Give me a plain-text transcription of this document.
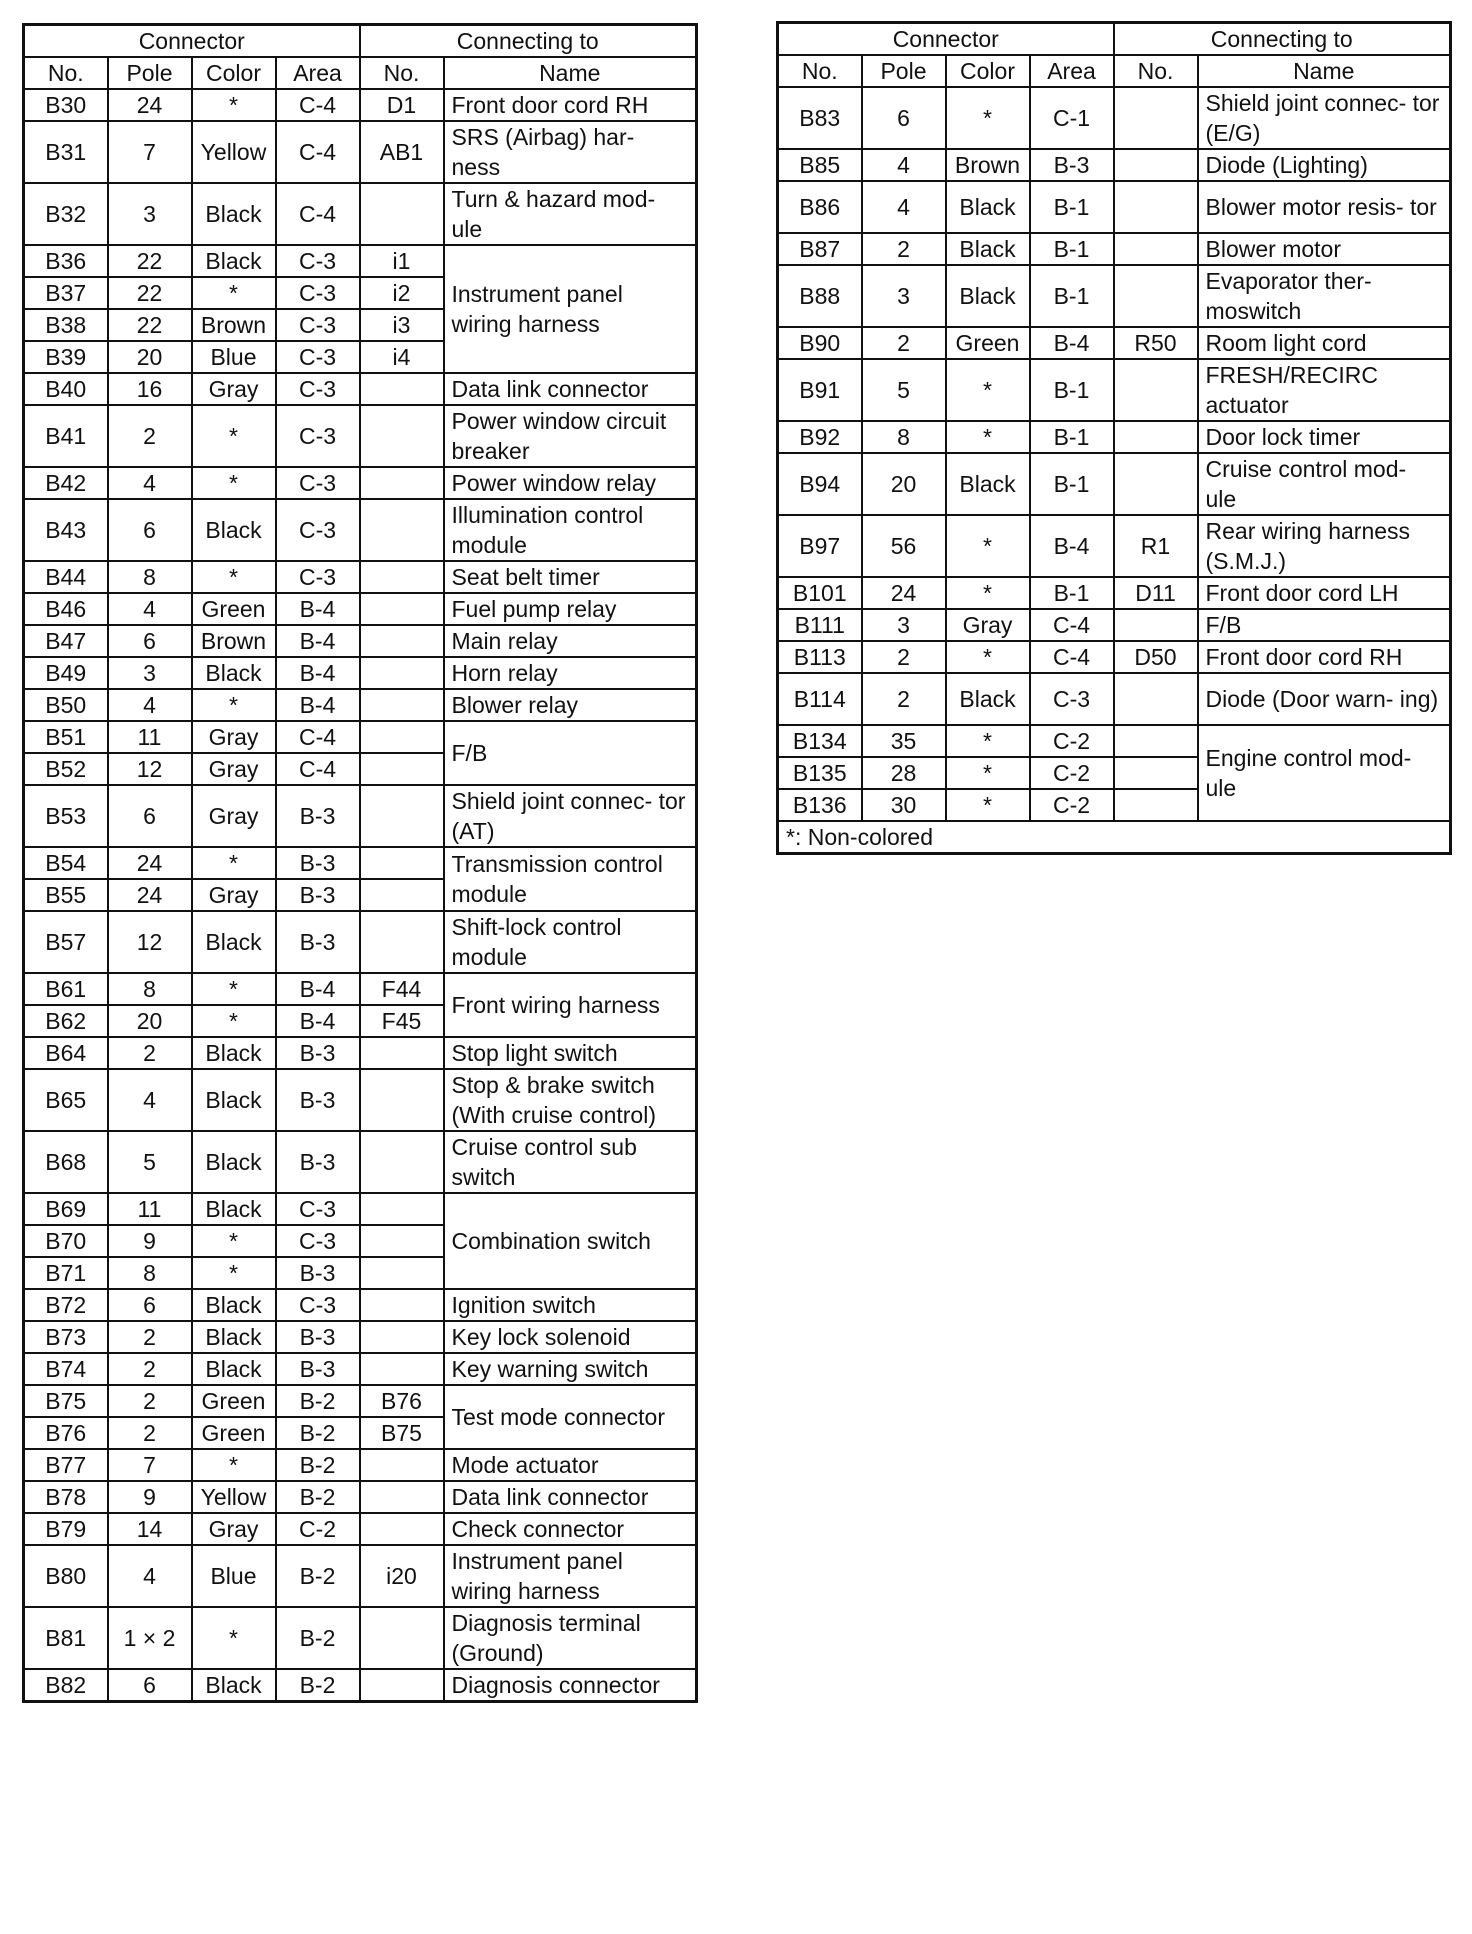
Connector				Connecting to	
No.	Pole	Color	Area	No.	Name
B30	24	*	C-4	D1	Front door cord RH
B31	7	Yellow	C-4	AB1	SRS (Airbag) har- ness
B32	3	Black	C-4		Turn & hazard mod- ule
B36	22	Black	C-3	i1	Instrument panel wiring harness
B37	22	*	C-3	i2	
B38	22	Brown	C-3	i3	
B39	20	Blue	C-3	i4	
B40	16	Gray	C-3		Data link connector
B41	2	*	C-3		Power window circuit breaker
B42	4	*	C-3		Power window relay
B43	6	Black	C-3		Illumination control module
B44	8	*	C-3		Seat belt timer
B46	4	Green	B-4		Fuel pump relay
B47	6	Brown	B-4		Main relay
B49	3	Black	B-4		Horn relay
B50	4	*	B-4		Blower relay
B51	11	Gray	C-4		F/B
B52	12	Gray	C-4		
B53	6	Gray	B-3		Shield joint connec- tor (AT)
B54	24	*	B-3		Transmission control module
B55	24	Gray	B-3		
B57	12	Black	B-3		Shift-lock control module
B61	8	*	B-4	F44	Front wiring harness
B62	20	*	B-4	F45	
B64	2	Black	B-3		Stop light switch
B65	4	Black	B-3		Stop & brake switch (With cruise control)
B68	5	Black	B-3		Cruise control sub switch
B69	11	Black	C-3		Combination switch
B70	9	*	C-3		
B71	8	*	B-3		
B72	6	Black	C-3		Ignition switch
B73	2	Black	B-3		Key lock solenoid
B74	2	Black	B-3		Key warning switch
B75	2	Green	B-2	B76	Test mode connector
B76	2	Green	B-2	B75	
B77	7	*	B-2		Mode actuator
B78	9	Yellow	B-2		Data link connector
B79	14	Gray	C-2		Check connector
B80	4	Blue	B-2	i20	Instrument panel wiring harness
B81	1 × 2	*	B-2		Diagnosis terminal (Ground)
B82	6	Black	B-2		Diagnosis connector
Connector				Connecting to	
No.	Pole	Color	Area	No.	Name
B83	6	*	C-1		Shield joint connec- tor (E/G)
B85	4	Brown	B-3		Diode (Lighting)
B86	4	Black	B-1		Blower motor resis- tor
B87	2	Black	B-1		Blower motor
B88	3	Black	B-1		Evaporator ther- moswitch
B90	2	Green	B-4	R50	Room light cord
B91	5	*	B-1		FRESH/RECIRC actuator
B92	8	*	B-1		Door lock timer
B94	20	Black	B-1		Cruise control mod- ule
B97	56	*	B-4	R1	Rear wiring harness (S.M.J.)
B101	24	*	B-1	D11	Front door cord LH
B111	3	Gray	C-4		F/B
B113	2	*	C-4	D50	Front door cord RH
B114	2	Black	C-3		Diode (Door warn- ing)
B134	35	*	C-2		Engine control mod- ule
B135	28	*	C-2		
B136	30	*	C-2		
*: Non-colored					
